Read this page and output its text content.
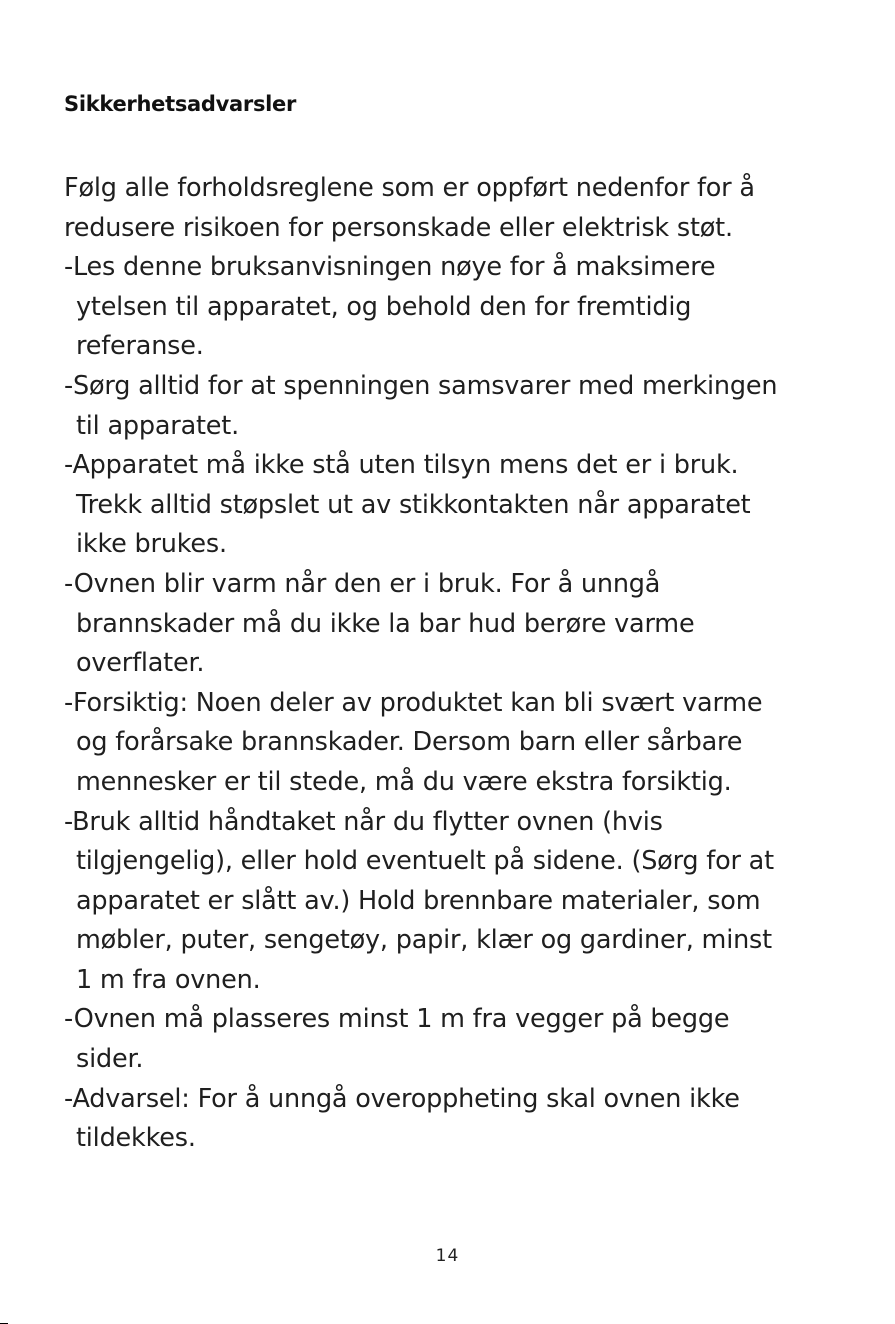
Sikkerhetsadvarsler
Følg alle forholdsreglene som er oppført nedenfor for å
redusere risikoen for personskade eller elektrisk støt.
-Les denne bruksanvisningen nøye for å maksimere
ytelsen til apparatet, og behold den for fremtidig
referanse.
-Sørg alltid for at spenningen samsvarer med merkingen
til apparatet.
-Apparatet må ikke stå uten tilsyn mens det er i bruk.
Trekk alltid støpslet ut av stikkontakten når apparatet
ikke brukes.
-Ovnen blir varm når den er i bruk. For å unngå
brannskader må du ikke la bar hud berøre varme
overflater.
-Forsiktig: Noen deler av produktet kan bli svært varme
og forårsake brannskader. Dersom barn eller sårbare
mennesker er til stede, må du være ekstra forsiktig.
-Bruk alltid håndtaket når du flytter ovnen (hvis
tilgjengelig), eller hold eventuelt på sidene. (Sørg for at
apparatet er slått av.) Hold brennbare materialer, som
møbler, puter, sengetøy, papir, klær og gardiner, minst
1 m fra ovnen.
-Ovnen må plasseres minst 1 m fra vegger på begge
sider.
-Advarsel: For å unngå overoppheting skal ovnen ikke
tildekkes.
14
